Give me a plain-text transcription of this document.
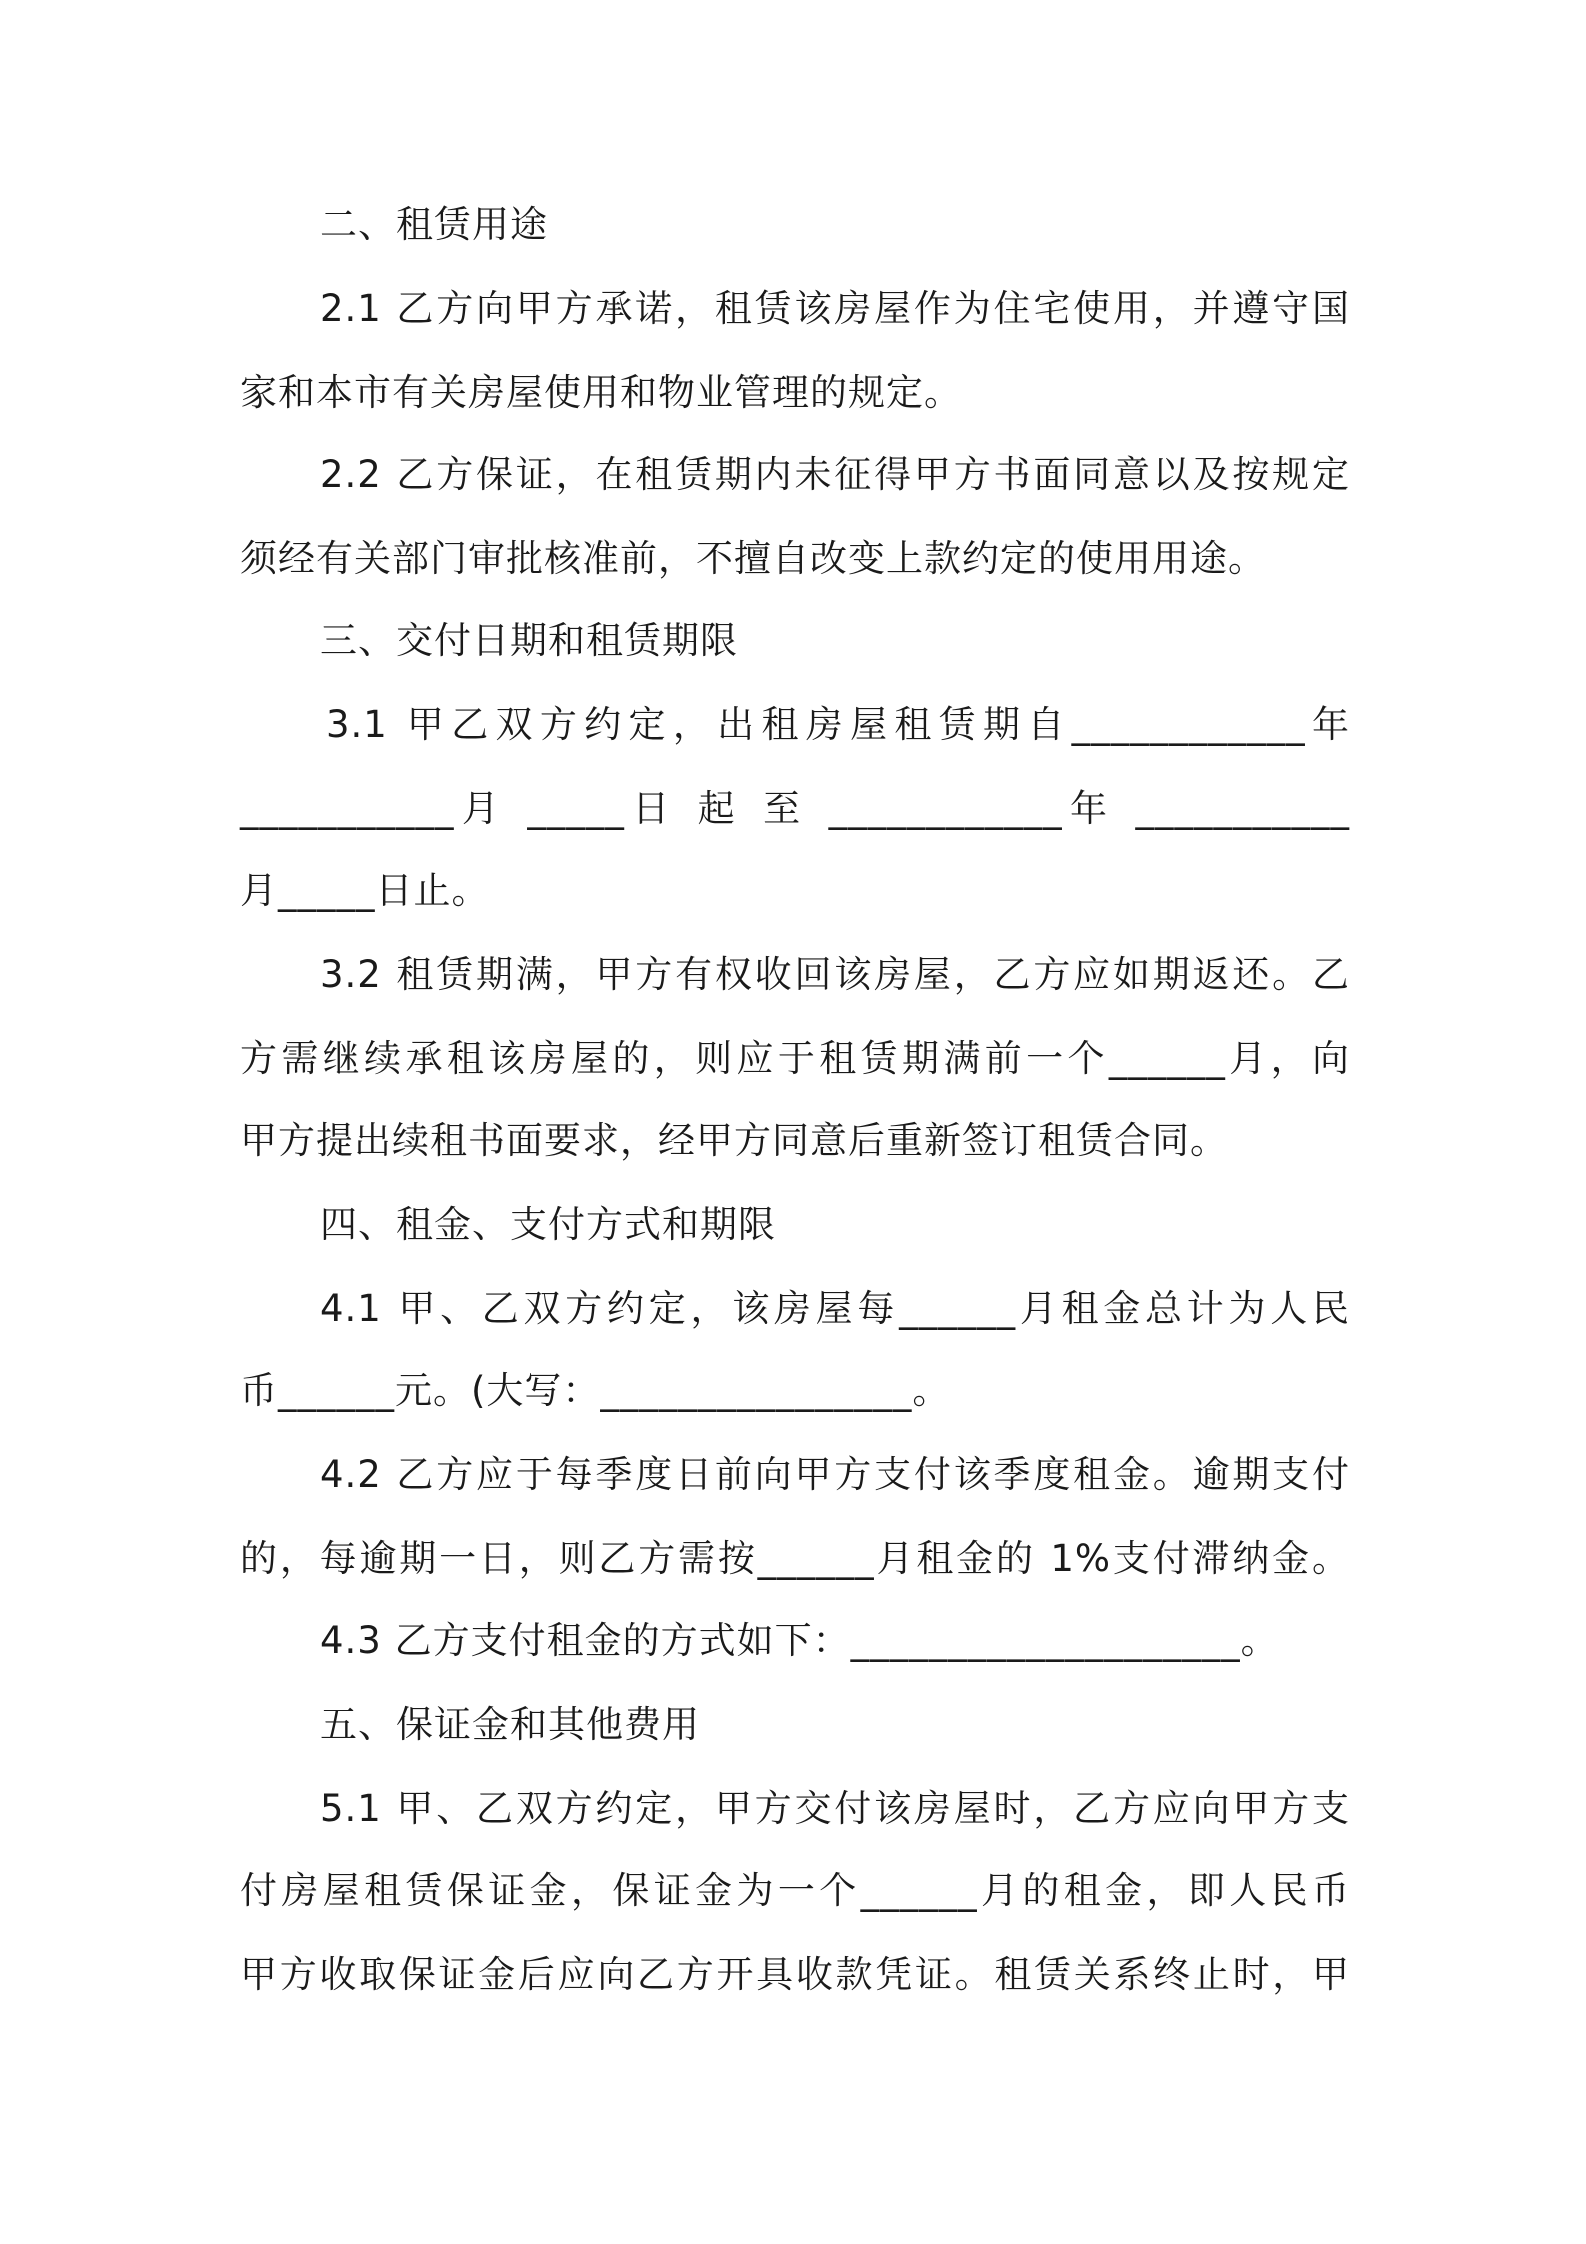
二、租赁用途
2.1 乙方向甲方承诺，租赁该房屋作为住宅使用，并遵守国
家和本市有关房屋使用和物业管理的规定。
2.2 乙方保证，在租赁期内未征得甲方书面同意以及按规定
须经有关部门审批核准前，不擅自改变上款约定的使用用途。
三、交付日期和租赁期限
3.1 甲乙双方约定，出租房屋租赁期自____________年
___________月 _____日 起 至 ____________年 ___________
月_____日止。
3.2 租赁期满，甲方有权收回该房屋，乙方应如期返还。乙
方需继续承租该房屋的，则应于租赁期满前一个______月，向
甲方提出续租书面要求，经甲方同意后重新签订租赁合同。
四、租金、支付方式和期限
4.1 甲、乙双方约定，该房屋每______月租金总计为人民
币______元。(大写：________________。
4.2 乙方应于每季度日前向甲方支付该季度租金。逾期支付
的，每逾期一日，则乙方需按______月租金的 1%支付滞纳金。
4.3 乙方支付租金的方式如下：____________________。
五、保证金和其他费用
5.1 甲、乙双方约定，甲方交付该房屋时，乙方应向甲方支
付房屋租赁保证金，保证金为一个______月的租金，即人民币
甲方收取保证金后应向乙方开具收款凭证。租赁关系终止时，甲
